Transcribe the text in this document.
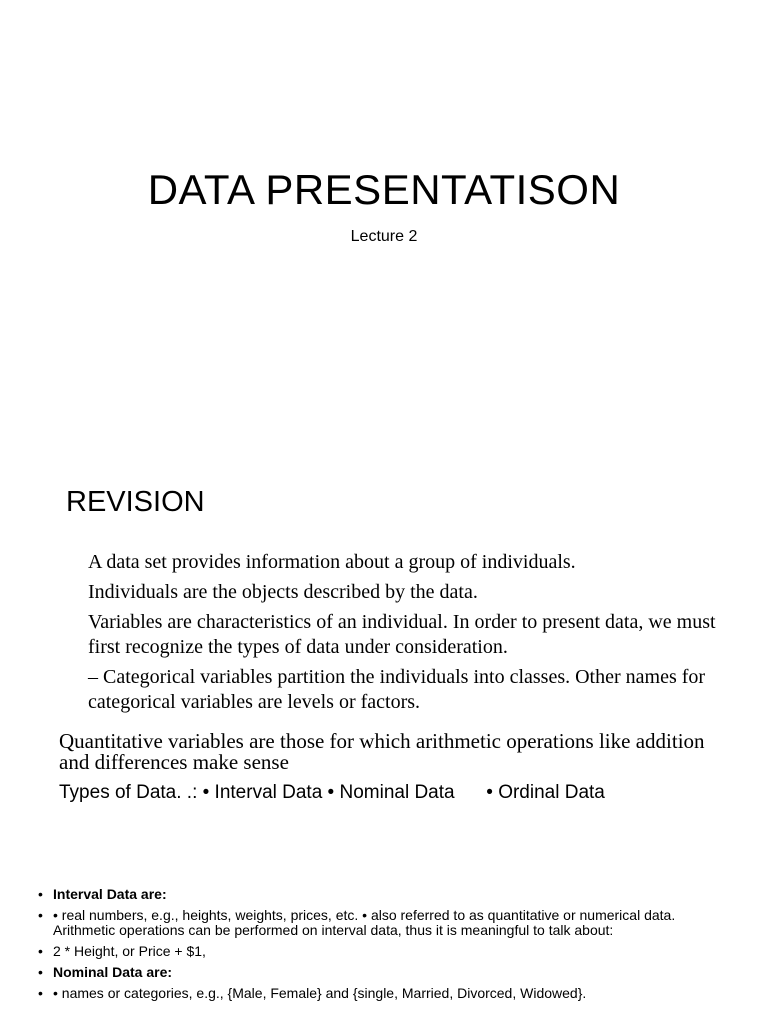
DATA PRESENTATISON
Lecture 2
REVISION

A data set provides information about a group of individuals.

Individuals are the objects described by the data.

Variables are characteristics of an individual. In order to present data, we must first recognize the types of data under consideration.

– Categorical variables partition the individuals into classes. Other names for categorical variables are levels or factors.

Quantitative variables are those for which arithmetic operations like addition and differences make sense

Types of Data. .: • Interval Data • Nominal Data      • Ordinal Data

• Interval Data are:
• • real numbers, e.g., heights, weights, prices, etc. • also referred to as quantitative or numerical data. Arithmetic operations can be performed on interval data, thus it is meaningful to talk about:
• 2 * Height, or Price + $1,
• Nominal Data are:
• • names or categories, e.g., {Male, Female} and {single, Married, Divorced, Widowed}.
